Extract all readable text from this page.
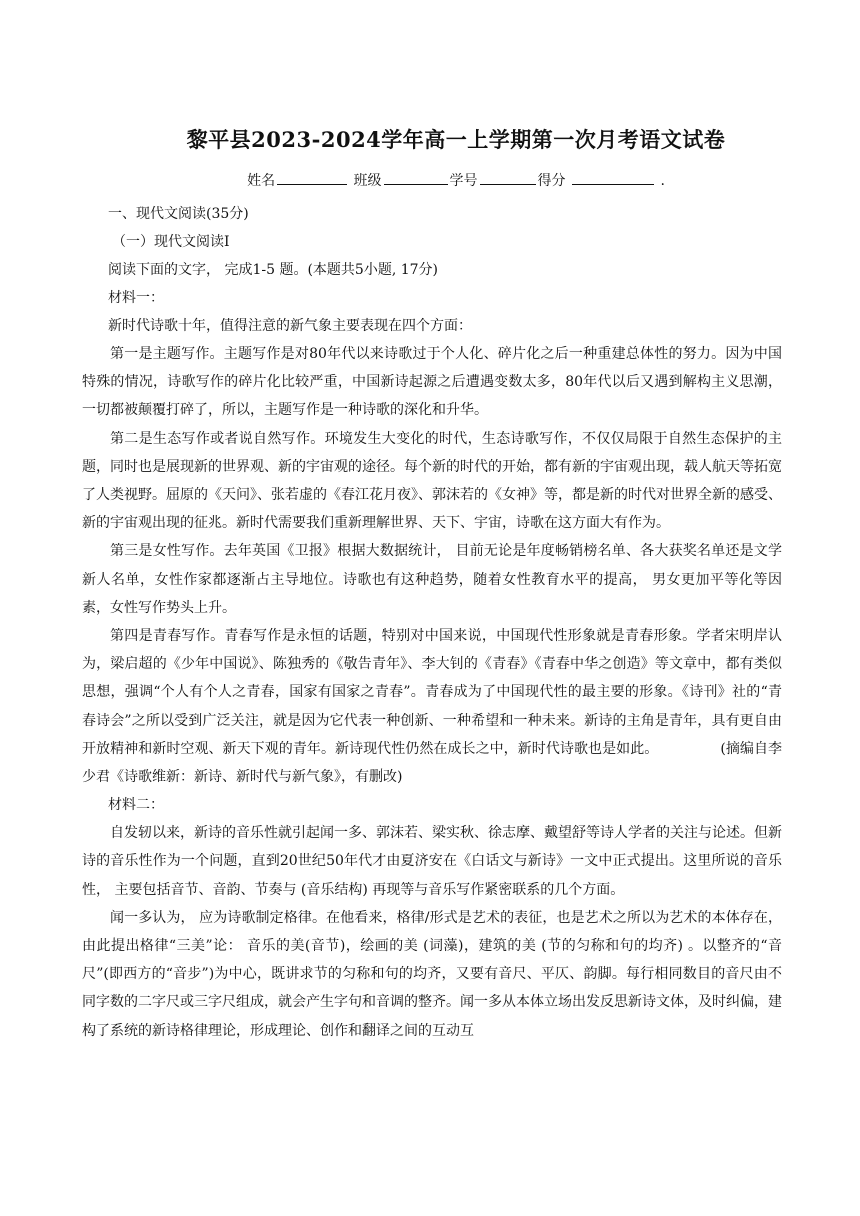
黎平县2023-2024学年高一上学期第一次月考语文试卷
姓名	班级	学号	得分	.

一、现代文阅读(35分)

（一）现代文阅读Ⅰ

阅读下面的文字， 完成1-5 题。(本题共5小题, 17分)

材料一：

新时代诗歌十年，值得注意的新气象主要表现在四个方面：

第一是主题写作。主题写作是对80年代以来诗歌过于个人化、碎片化之后一种重建总体性的努力。因为中国特殊的情况，诗歌写作的碎片化比较严重，中国新诗起源之后遭遇变数太多，80年代以后又遇到解构主义思潮，一切都被颠覆打碎了，所以，主题写作是一种诗歌的深化和升华。

第二是生态写作或者说自然写作。环境发生大变化的时代，生态诗歌写作，不仅仅局限于自然生态保护的主题，同时也是展现新的世界观、新的宇宙观的途径。每个新的时代的开始，都有新的宇宙观出现，载人航天等拓宽了人类视野。屈原的《天问》、张若虚的《春江花月夜》、郭沫若的《女神》等，都是新的时代对世界全新的感受、新的宇宙观出现的征兆。新时代需要我们重新理解世界、天下、宇宙，诗歌在这方面大有作为。

第三是女性写作。去年英国《卫报》根据大数据统计， 目前无论是年度畅销榜名单、各大获奖名单还是文学新人名单，女性作家都逐渐占主导地位。诗歌也有这种趋势，随着女性教育水平的提高， 男女更加平等化等因素，女性写作势头上升。

第四是青春写作。青春写作是永恒的话题，特别对中国来说，中国现代性形象就是青春形象。学者宋明岸认为，梁启超的《少年中国说》、陈独秀的《敬告青年》、李大钊的《青春》《青春中华之创造》等文章中，都有类似思想，强调“个人有个人之青春，国家有国家之青春”。青春成为了中国现代性的最主要的形象。《诗刊》社的“青春诗会”之所以受到广泛关注，就是因为它代表一种创新、一种希望和一种未来。新诗的主角是青年，具有更自由开放精神和新时空观、新天下观的青年。新诗现代性仍然在成长之中，新时代诗歌也是如此。	(摘编自李少君《诗歌维新：新诗、新时代与新气象》，有删改)

材料二：

自发轫以来，新诗的音乐性就引起闻一多、郭沫若、梁实秋、徐志摩、戴望舒等诗人学者的关注与论述。但新诗的音乐性作为一个问题，直到20世纪50年代才由夏济安在《白话文与新诗》一文中正式提出。这里所说的音乐性， 主要包括音节、音韵、节奏与 (音乐结构) 再现等与音乐写作紧密联系的几个方面。

闻一多认为， 应为诗歌制定格律。在他看来，格律/形式是艺术的表征，也是艺术之所以为艺术的本体存在， 由此提出格律“三美”论： 音乐的美(音节)，绘画的美 (词藻)，建筑的美 (节的匀称和句的均齐) 。以整齐的“音尺”(即西方的“音步”)为中心，既讲求节的匀称和句的均齐，又要有音尺、平仄、韵脚。每行相同数目的音尺由不同字数的二字尺或三字尺组成，就会产生字句和音调的整齐。闻一多从本体立场出发反思新诗文体，及时纠偏，建构了系统的新诗格律理论，形成理论、创作和翻译之间的互动互
